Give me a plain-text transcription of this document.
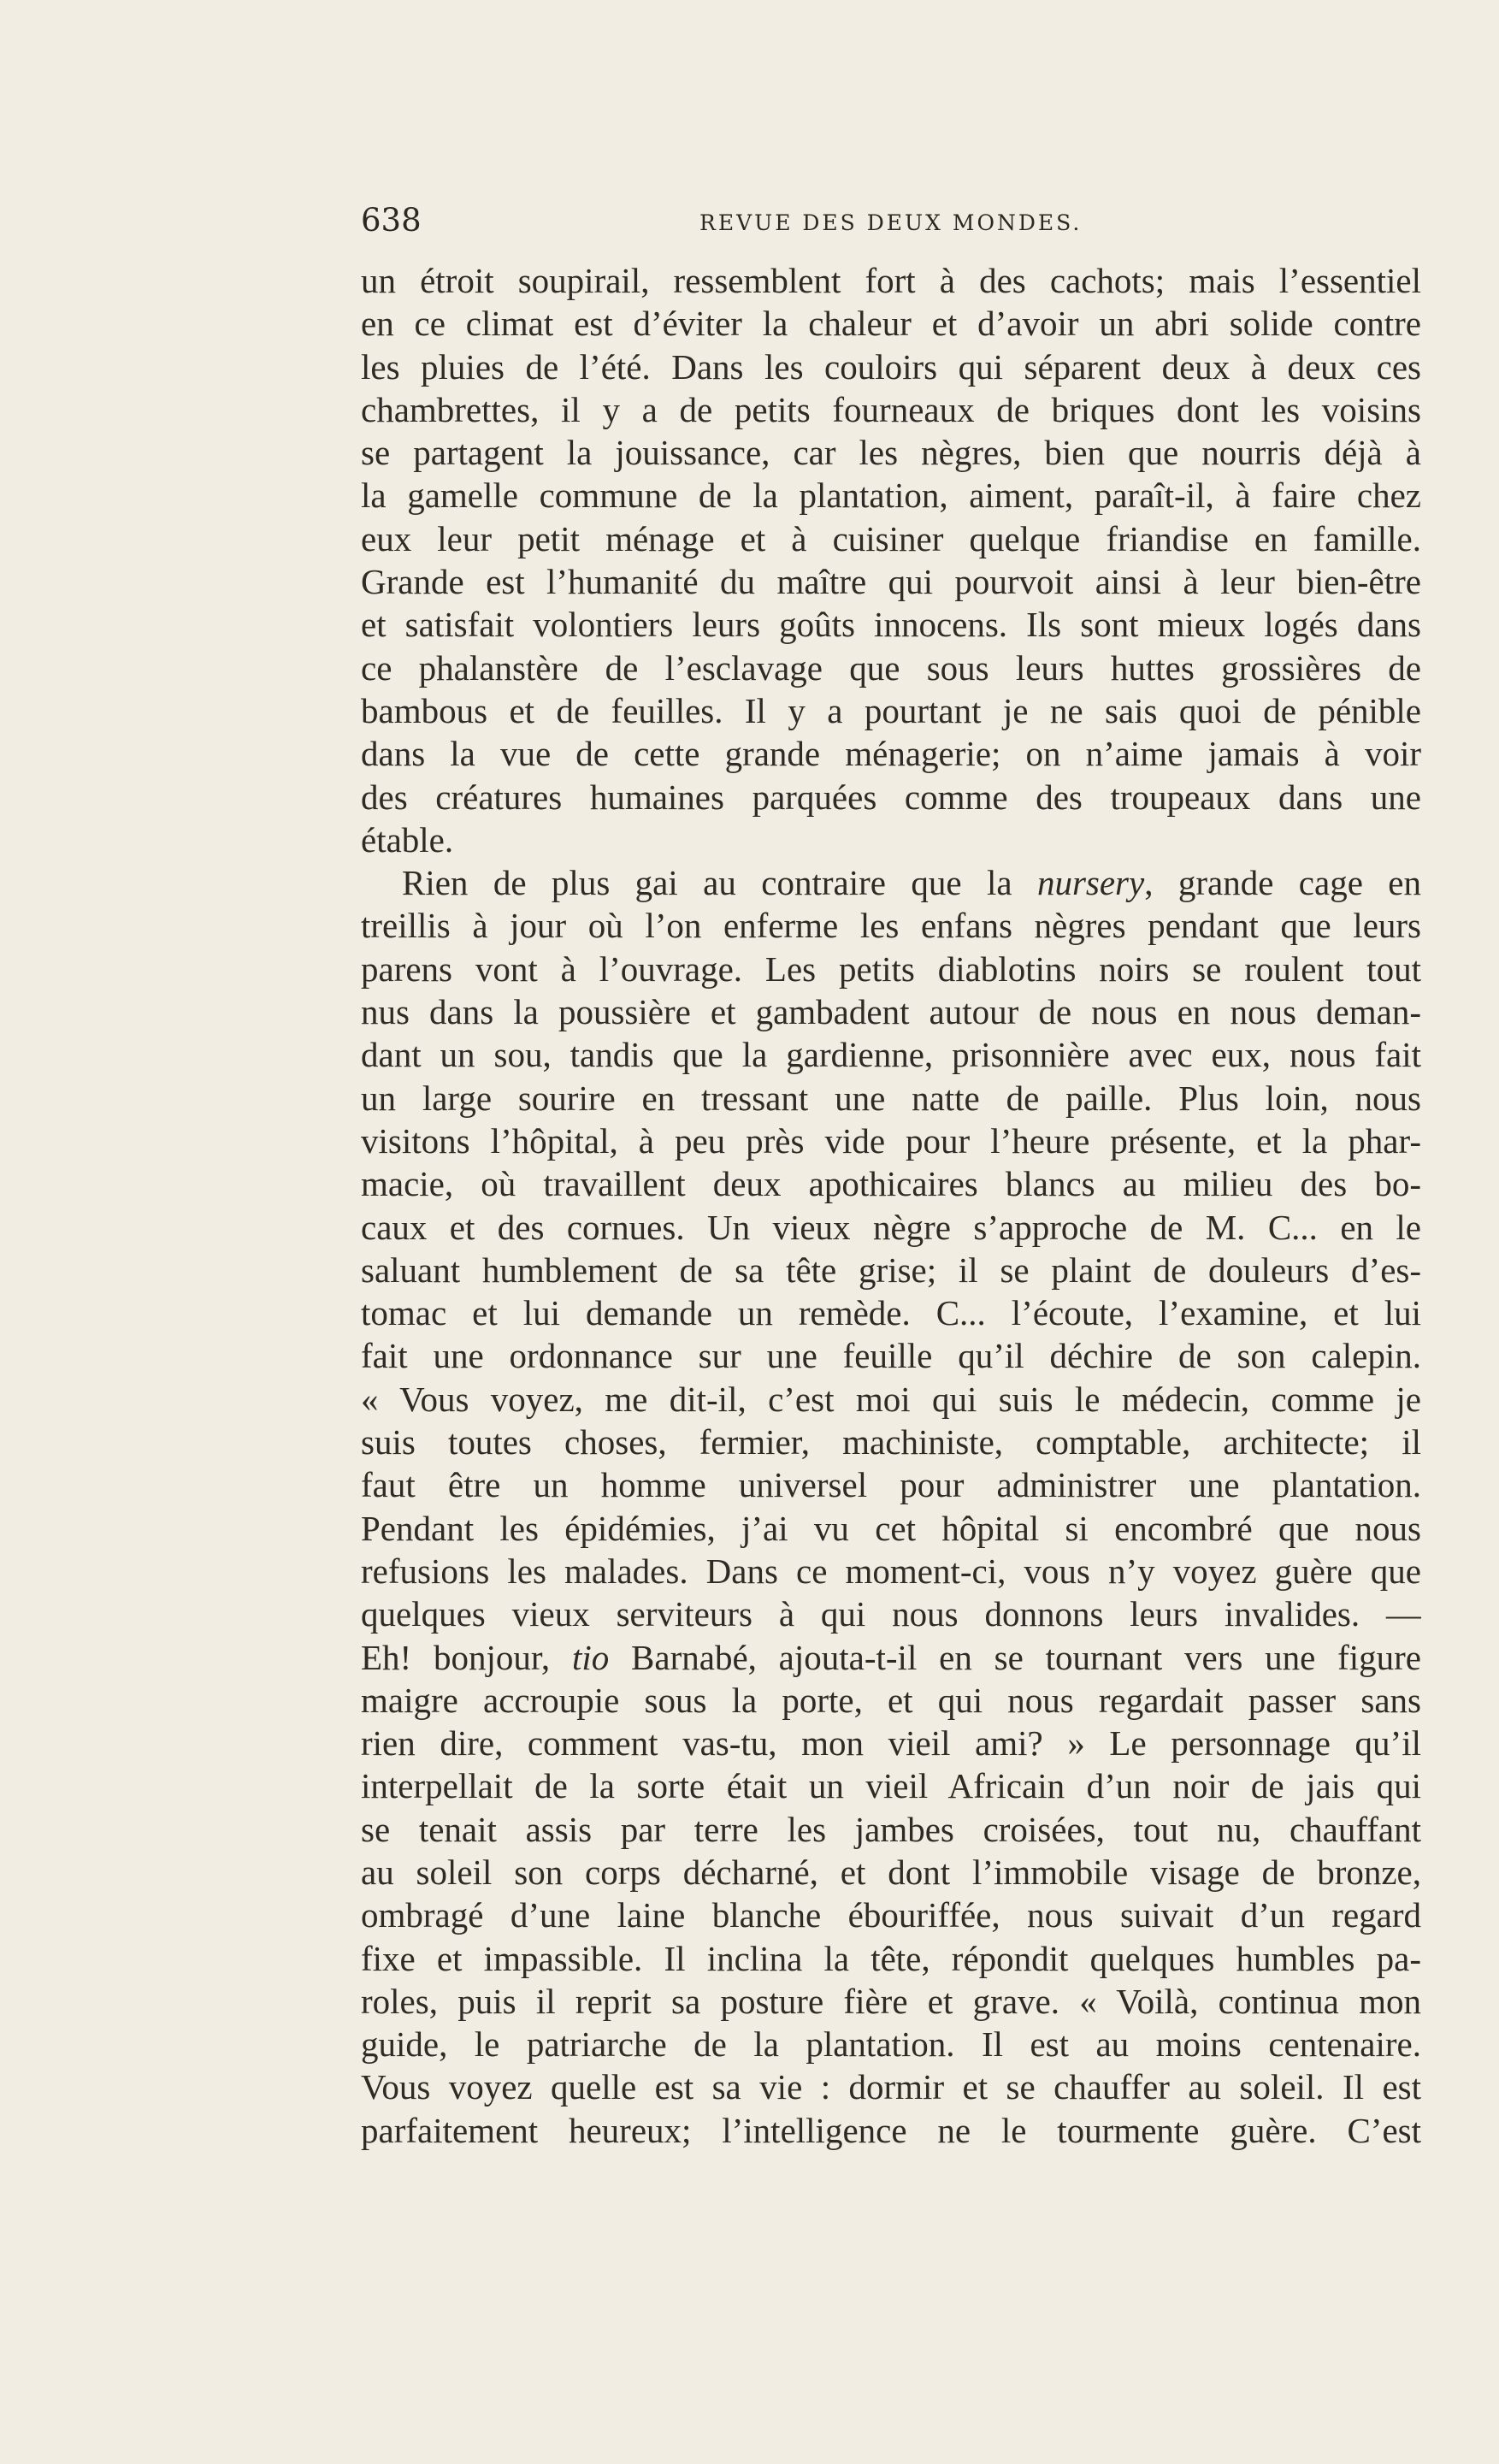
638	REVUE DES DEUX MONDES.
un étroit soupirail, ressemblent fort à des cachots; mais l’essentiel
en ce climat est d’éviter la chaleur et d’avoir un abri solide contre
les pluies de l’été. Dans les couloirs qui séparent deux à deux ces
chambrettes, il y a de petits fourneaux de briques dont les voisins
se partagent la jouissance, car les nègres, bien que nourris déjà à
la gamelle commune de la plantation, aiment, paraît-il, à faire chez
eux leur petit ménage et à cuisiner quelque friandise en famille.
Grande est l’humanité du maître qui pourvoit ainsi à leur bien-être
et satisfait volontiers leurs goûts innocens. Ils sont mieux logés dans
ce phalanstère de l’esclavage que sous leurs huttes grossières de
bambous et de feuilles. Il y a pourtant je ne sais quoi de pénible
dans la vue de cette grande ménagerie; on n’aime jamais à voir
des créatures humaines parquées comme des troupeaux dans une
étable.
Rien de plus gai au contraire que la nursery, grande cage en
treillis à jour où l’on enferme les enfans nègres pendant que leurs
parens vont à l’ouvrage. Les petits diablotins noirs se roulent tout
nus dans la poussière et gambadent autour de nous en nous deman-
dant un sou, tandis que la gardienne, prisonnière avec eux, nous fait
un large sourire en tressant une natte de paille. Plus loin, nous
visitons l’hôpital, à peu près vide pour l’heure présente, et la phar-
macie, où travaillent deux apothicaires blancs au milieu des bo-
caux et des cornues. Un vieux nègre s’approche de M. C... en le
saluant humblement de sa tête grise; il se plaint de douleurs d’es-
tomac et lui demande un remède. C... l’écoute, l’examine, et lui
fait une ordonnance sur une feuille qu’il déchire de son calepin.
« Vous voyez, me dit-il, c’est moi qui suis le médecin, comme je
suis toutes choses, fermier, machiniste, comptable, architecte; il
faut être un homme universel pour administrer une plantation.
Pendant les épidémies, j’ai vu cet hôpital si encombré que nous
refusions les malades. Dans ce moment-ci, vous n’y voyez guère que
quelques vieux serviteurs à qui nous donnons leurs invalides. —
Eh! bonjour, tio Barnabé, ajouta-t-il en se tournant vers une figure
maigre accroupie sous la porte, et qui nous regardait passer sans
rien dire, comment vas-tu, mon vieil ami? » Le personnage qu’il
interpellait de la sorte était un vieil Africain d’un noir de jais qui
se tenait assis par terre les jambes croisées, tout nu, chauffant
au soleil son corps décharné, et dont l’immobile visage de bronze,
ombragé d’une laine blanche ébouriffée, nous suivait d’un regard
fixe et impassible. Il inclina la tête, répondit quelques humbles pa-
roles, puis il reprit sa posture fière et grave. « Voilà, continua mon
guide, le patriarche de la plantation. Il est au moins centenaire.
Vous voyez quelle est sa vie : dormir et se chauffer au soleil. Il est
parfaitement heureux; l’intelligence ne le tourmente guère. C’est
